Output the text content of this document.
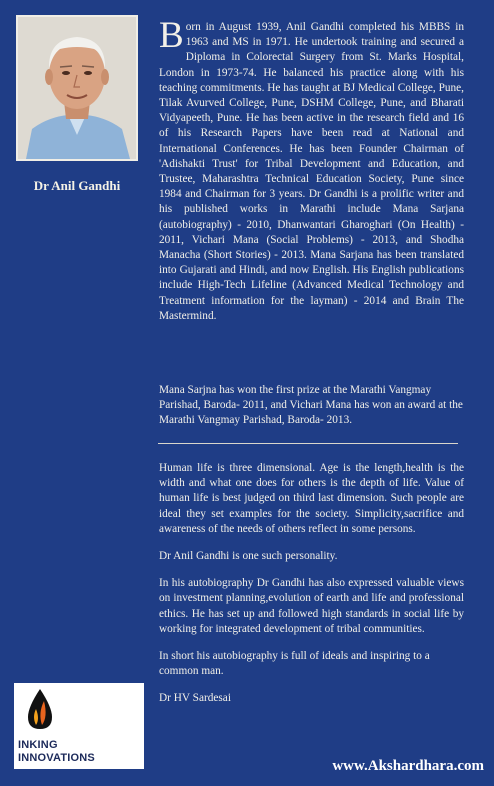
Dr Anil Gandhi
Born in August 1939, Anil Gandhi completed his MBBS in 1963 and MS in 1971. He undertook training and secured a Diploma in Colorectal Surgery from St. Marks Hospital, London in 1973-74. He balanced his practice along with his teaching commitments. He has taught at BJ Medical College, Pune, Tilak Avurved College, Pune, DSHM College, Pune, and Bharati Vidyapeeth, Pune. He has been active in the research field and 16 of his Research Papers have been read at National and International Conferences. He has been Founder Chairman of 'Adishakti Trust' for Tribal Development and Education, and Trustee, Maharashtra Technical Education Society, Pune since 1984 and Chairman for 3 years. Dr Gandhi is a prolific writer and his published works in Marathi include Mana Sarjana (autobiography) - 2010, Dhanwantari Gharoghari (On Health) - 2011, Vichari Mana (Social Problems) - 2013, and Shodha Manacha (Short Stories) - 2013. Mana Sarjana has been translated into Gujarati and Hindi, and now English. His English publications include High-Tech Lifeline (Advanced Medical Technology and Treatment information for the layman) - 2014 and Brain The Mastermind.
Mana Sarjna has won the first prize at the Marathi Vangmay Parishad, Baroda- 2011, and Vichari Mana has won an award at the Marathi Vangmay Parishad, Baroda- 2013.

Human life is three dimensional. Age is the length,health is the width and what one does for others is the depth of life. Value of human life is best judged on third last dimension. Such people are ideal they set examples for the society. Simplicity,sacrifice and awareness of the needs of others reflect in some persons.

Dr Anil Gandhi is one such personality.

In his autobiography Dr Gandhi has also expressed valuable views on investment planning,evolution of earth and life and professional ethics. He has set up and followed high standards in social life by working for integrated development of tribal communities.

In short his autobiography is full of ideals and inspiring to a common man.

Dr HV Sardesai

INKING
INNOVATIONS	www.Akshardhara.com
